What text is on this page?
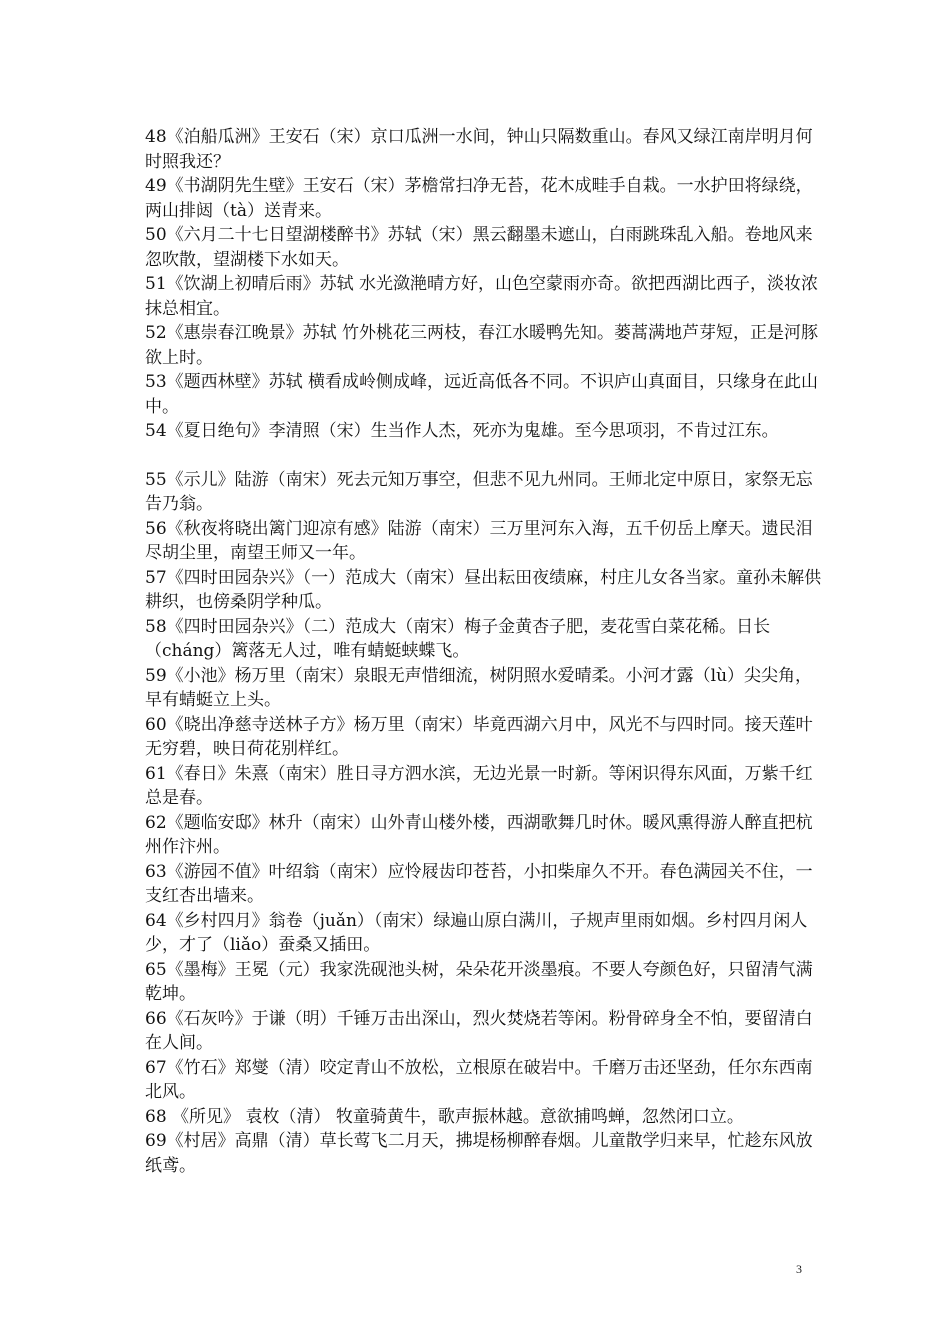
48《泊船瓜洲》王安石（宋）京口瓜洲一水间，钟山只隔数重山。春风又绿江南岸明月何时照我还？

49《书湖阴先生壁》王安石（宋）茅檐常扫净无苔，花木成畦手自栽。一水护田将绿绕，两山排闼（tà）送青来。

50《六月二十七日望湖楼醉书》苏轼（宋）黑云翻墨未遮山，白雨跳珠乱入船。卷地风来忽吹散，望湖楼下水如天。

51《饮湖上初晴后雨》苏轼 水光潋滟晴方好，山色空蒙雨亦奇。欲把西湖比西子，淡妆浓抹总相宜。

52《惠崇春江晚景》苏轼 竹外桃花三两枝，春江水暖鸭先知。蒌蒿满地芦芽短，正是河豚欲上时。

53《题西林壁》苏轼 横看成岭侧成峰，远近高低各不同。不识庐山真面目，只缘身在此山中。

54《夏日绝句》李清照（宋）生当作人杰，死亦为鬼雄。至今思项羽，不肯过江东。

55《示儿》陆游（南宋）死去元知万事空，但悲不见九州同。王师北定中原日，家祭无忘告乃翁。

56《秋夜将晓出篱门迎凉有感》陆游（南宋）三万里河东入海，五千仞岳上摩天。遗民泪尽胡尘里，南望王师又一年。

57《四时田园杂兴》（一）范成大（南宋）昼出耘田夜绩麻，村庄儿女各当家。童孙未解供耕织，也傍桑阴学种瓜。

58《四时田园杂兴》（二）范成大（南宋）梅子金黄杏子肥，麦花雪白菜花稀。日长（cháng）篱落无人过，唯有蜻蜓蛱蝶飞。

59《小池》杨万里（南宋）泉眼无声惜细流，树阴照水爱晴柔。小河才露（lù）尖尖角，早有蜻蜓立上头。

60《晓出净慈寺送林子方》杨万里（南宋）毕竟西湖六月中，风光不与四时同。接天莲叶无穷碧，映日荷花别样红。

61《春日》朱熹（南宋）胜日寻方泗水滨，无边光景一时新。等闲识得东风面，万紫千红总是春。

62《题临安邸》林升（南宋）山外青山楼外楼，西湖歌舞几时休。暖风熏得游人醉直把杭州作汴州。

63《游园不值》叶绍翁（南宋）应怜屐齿印苍苔，小扣柴扉久不开。春色满园关不住，一支红杏出墙来。

64《乡村四月》翁卷（juǎn）（南宋）绿遍山原白满川，子规声里雨如烟。乡村四月闲人少，才了（liǎo）蚕桑又插田。

65《墨梅》王冕（元）我家洗砚池头树，朵朵花开淡墨痕。不要人夸颜色好，只留清气满乾坤。

66《石灰吟》于谦（明）千锤万击出深山，烈火焚烧若等闲。粉骨碎身全不怕，要留清白在人间。

67《竹石》郑燮（清）咬定青山不放松，立根原在破岩中。千磨万击还坚劲，任尔东西南北风。

68 《所见》 袁枚（清） 牧童骑黄牛，歌声振林越。意欲捕鸣蝉，忽然闭口立。

69《村居》高鼎（清）草长莺飞二月天，拂堤杨柳醉春烟。儿童散学归来早，忙趁东风放纸鸢。

3
